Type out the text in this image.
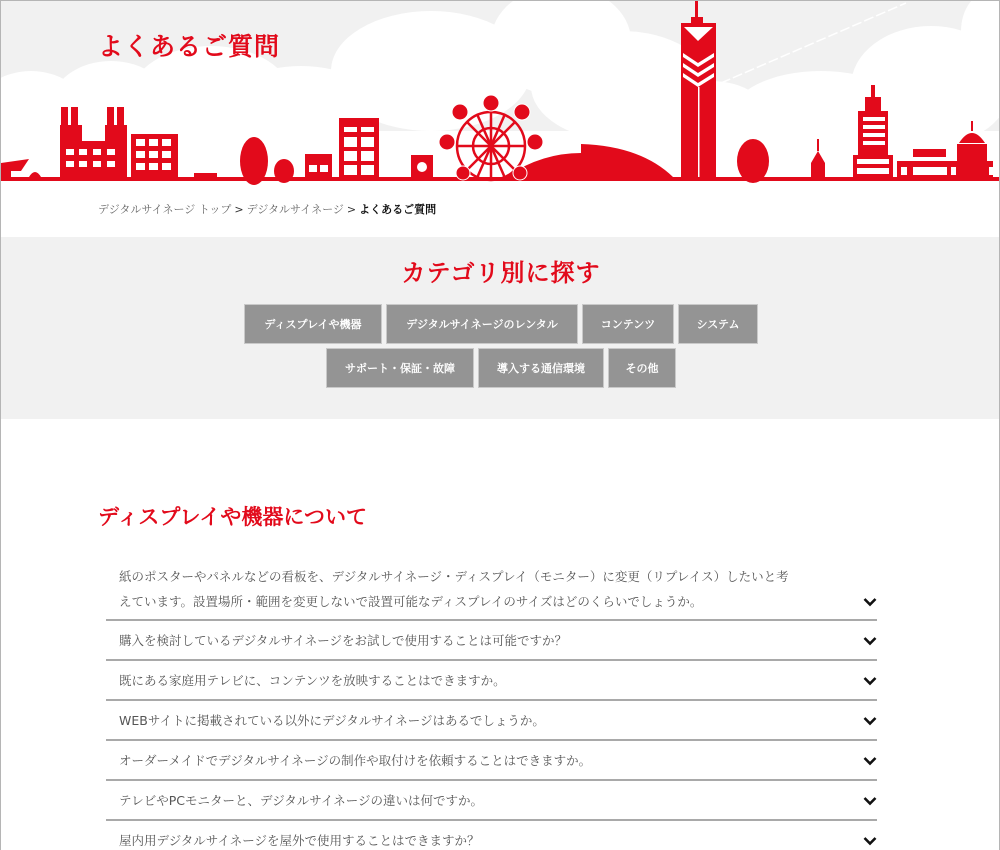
よくあるご質問
デジタルサイネージ トップ > デジタルサイネージ > よくあるご質問
カテゴリ別に探す
ディスプレイや機器	デジタルサイネージのレンタル	コンテンツ	システム
サポート・保証・故障	導入する通信環境	その他
ディスプレイや機器について
紙のポスターやパネルなどの看板を、デジタルサイネージ・ディスプレイ（モニター）に変更（リプレイス）したいと考
えています。設置場所・範囲を変更しないで設置可能なディスプレイのサイズはどのくらいでしょうか。
購入を検討しているデジタルサイネージをお試しで使用することは可能ですか？
既にある家庭用テレビに、コンテンツを放映することはできますか。
WEBサイトに掲載されている以外にデジタルサイネージはあるでしょうか。
オーダーメイドでデジタルサイネージの制作や取付けを依頼することはできますか。
テレビやPCモニターと、デジタルサイネージの違いは何ですか。
屋内用デジタルサイネージを屋外で使用することはできますか？
